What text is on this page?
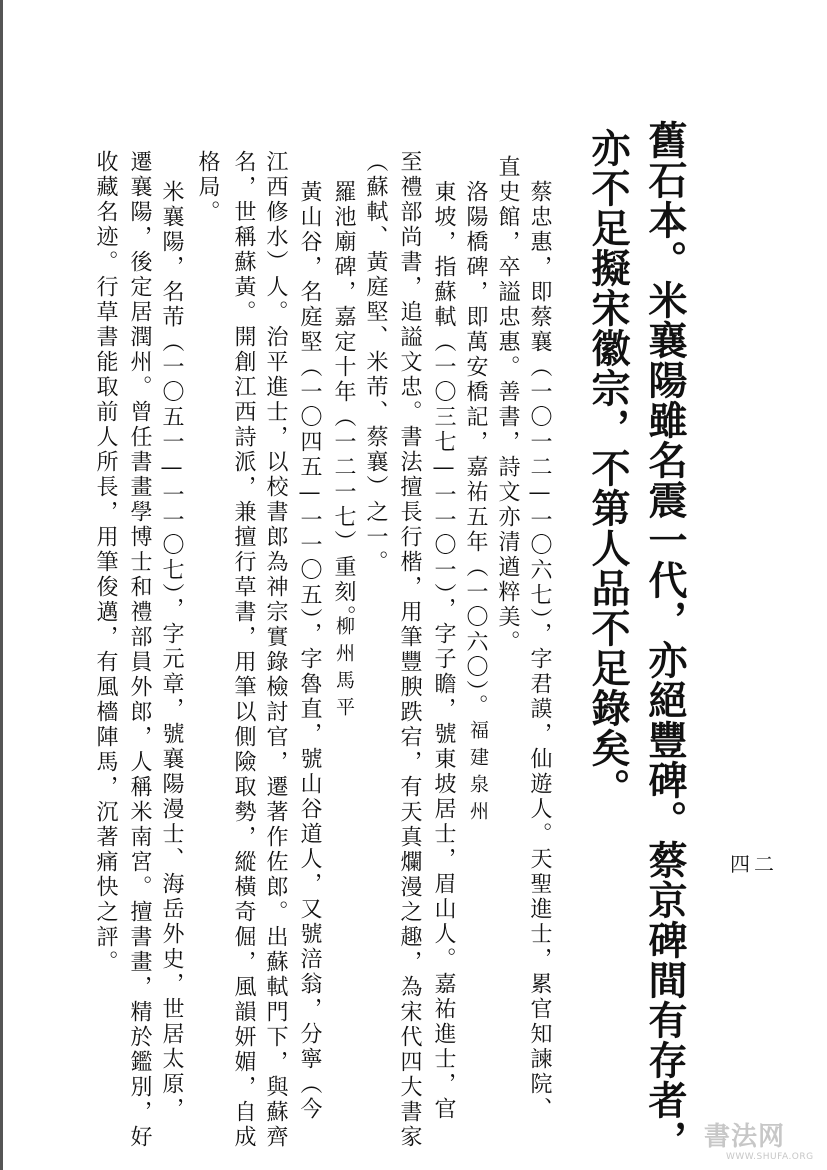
四二
舊石本。米襄陽雖名震一代，亦絕豐碑。蔡京碑間有存者，
亦不足擬宋徽宗，不第人品不足錄矣。
蔡忠惠，即蔡襄（一〇一二—一〇六七），字君謨，仙遊人。天聖進士，累官知諫院、
直史館，卒謚忠惠。善書，詩文亦清遒粹美。
洛陽橋碑，即萬安橋記，嘉祐五年（一〇六〇）。
福建泉州
東坡，指蘇軾（一〇三七—一一〇一），字子瞻，號東坡居士，眉山人。嘉祐進士，官
至禮部尚書，追謚文忠。書法擅長行楷，用筆豐腴跌宕，有天真爛漫之趣，為宋代四大書家
（蘇軾、黃庭堅、米芾、蔡襄）之一。
羅池廟碑，嘉定十年（一二一七）重刻。
柳州馬平
黃山谷，名庭堅（一〇四五—一一〇五），字魯直，號山谷道人，又號涪翁，分寧（今
江西修水）人。治平進士，以校書郎為神宗實錄檢討官，遷著作佐郎。出蘇軾門下，與蘇齊
名，世稱蘇黃。開創江西詩派，兼擅行草書，用筆以側險取勢，縱橫奇倔，風韻妍媚，自成
格局。
米襄陽，名芾（一〇五一—一一〇七），字元章，號襄陽漫士、海岳外史，世居太原，
遷襄陽，後定居潤州。曾任書畫學博士和禮部員外郎，人稱米南宮。擅書畫，精於鑑別，好
收藏名迹。行草書能取前人所長，用筆俊邁，有風檣陣馬，沉著痛快之評。
書法网
WWW.SHUFA.ORG
